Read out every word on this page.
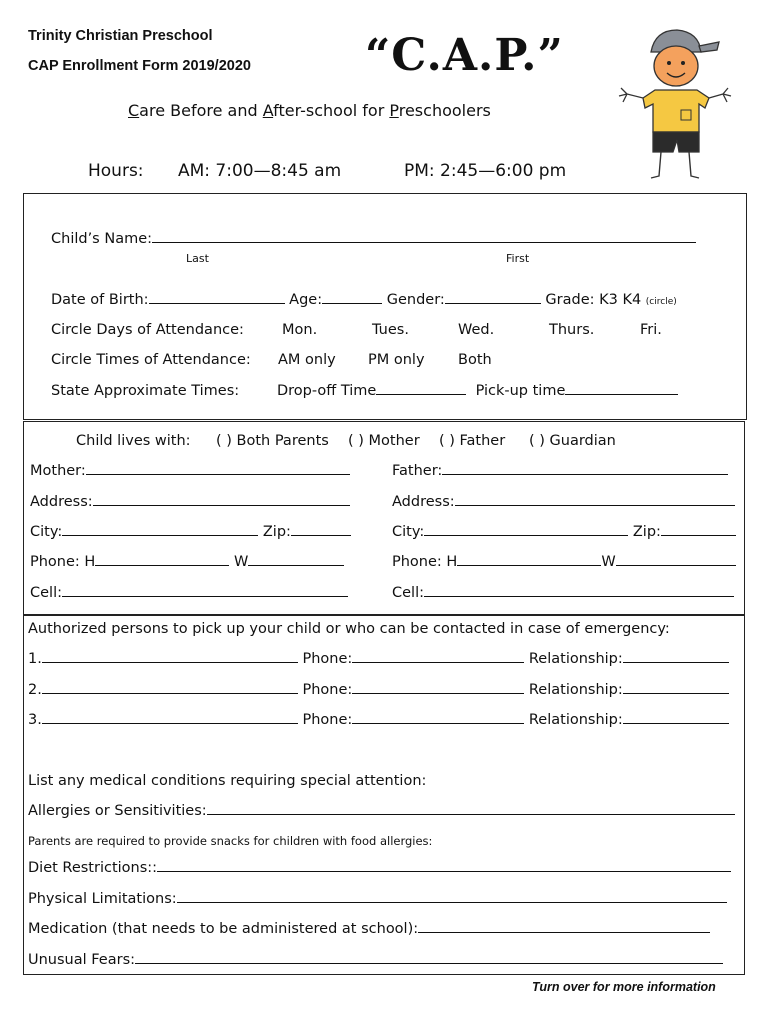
Trinity Christian Preschool
CAP Enrollment Form 2019/2020	“C.A.P.”
Care Before and After-school for Preschoolers
Hours: AM: 7:00—8:45 am	PM: 2:45—6:00 pm
Child’s Name:
Last	First
Date of Birth:	Age:	Gender:	Grade: K3 K4 (circle)
Circle Days of Attendance:	Mon.	Tues.	Wed.	Thurs.	Fri.
Circle Times of Attendance: AM only PM only Both
State Approximate Times:	Drop-off Time	Pick-up time
Child lives with: ( ) Both Parents ( ) Mother ( ) Father ( ) Guardian
Mother:	Father:
Address:	Address:
City:	Zip:	City:	Zip:
Phone: H	W	Phone: H	W
Cell:	Cell:
Authorized persons to pick up your child or who can be contacted in case of emergency:
1.	Phone:	Relationship:
2.	Phone:	Relationship:
3.	Phone:	Relationship:
List any medical conditions requiring special attention:
Allergies or Sensitivities:
Parents are required to provide snacks for children with food allergies:
Diet Restrictions::
Physical Limitations:
Medication (that needs to be administered at school):
Unusual Fears:
Turn over for more information
